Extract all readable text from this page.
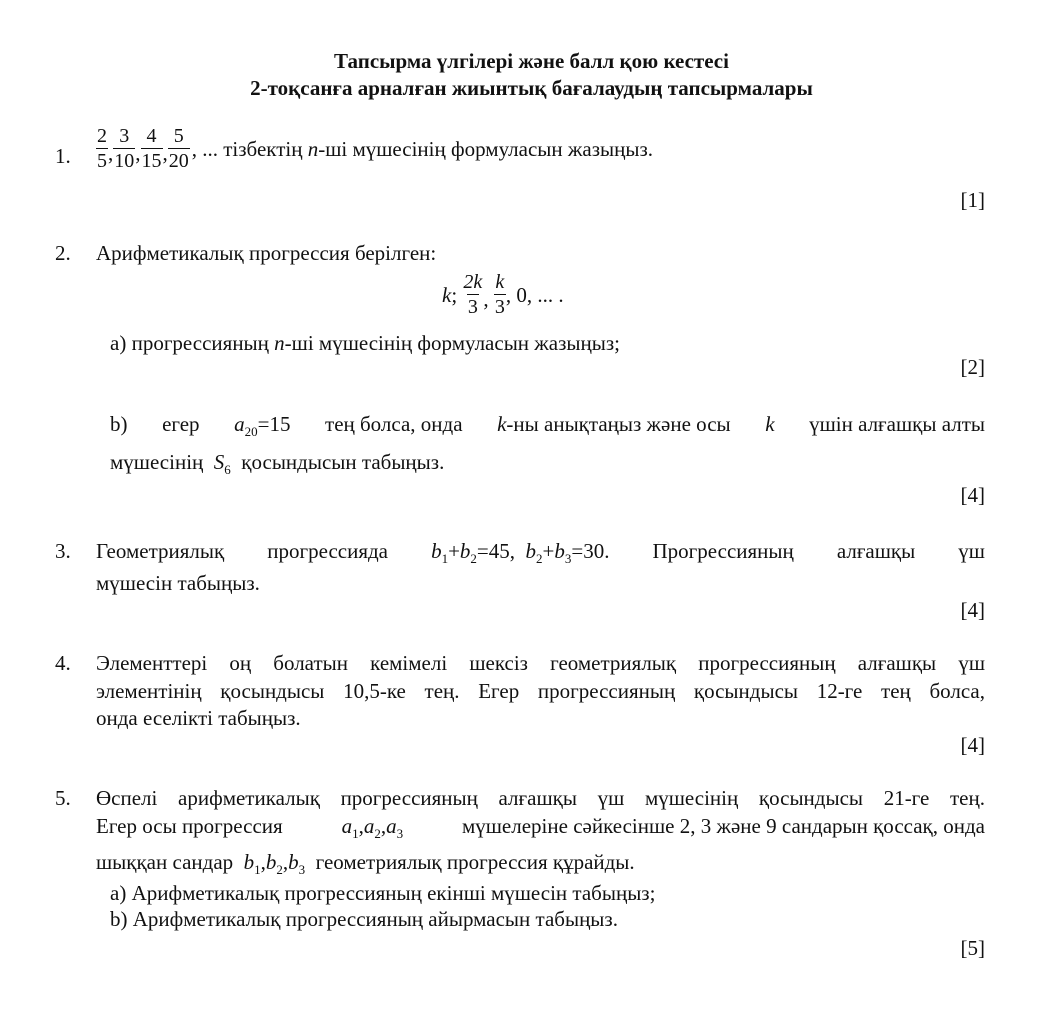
Тапсырма үлгілері және балл қою кестесі
2-тоқсанға арналған жиынтық бағалаудың тапсырмалары
1. $\frac{2}{5}$ , $\frac{3}{10}$ , $\frac{4}{15}$ , $\frac{5}{20}$ , ... тізбектің n-ші мүшесінің формуласын жазыңыз.
[1]
2. Арифметикалық прогрессия берілген:
k ; $\frac{2k}{3}$ , $\frac{k}{3}$ , 0, ... .
a) прогрессияның n-ші мүшесінің формуласын жазыңыз;
[2]
b) егер $a_{20}=15$ тең болса, онда k-ны анықтаңыз және осы k үшін алғашқы алты
мүшесінің $S_6$ қосындысын табыңыз.
[4]
3. Геометриялық прогрессияда $b_1+b_2=45$, $b_2+b_3=30$. Прогрессияның алғашқы үш
мүшесін табыңыз.
[4]
4. Элементтері оң болатын кемімелі шексіз геометриялық прогрессияның алғашқы үш
элементінің қосындысы 10,5-ке тең. Егер прогрессияның қосындысы 12-ге тең болса,
онда еселікті табыңыз.
[4]
5. Өспелі арифметикалық прогрессияның алғашқы үш мүшесінің қосындысы 21-ге тең.
Егер осы прогрессия	$a_1,a_2,a_3$	мүшелеріне сәйкесінше 2, 3 және 9 сандарын қоссақ, онда
шыққан сандар $b_1,b_2,b_3$ геометриялық прогрессия құрайды.
a) Арифметикалық прогрессияның екінші мүшесін табыңыз;
b) Арифметикалық прогрессияның айырмасын табыңыз.
[5]
